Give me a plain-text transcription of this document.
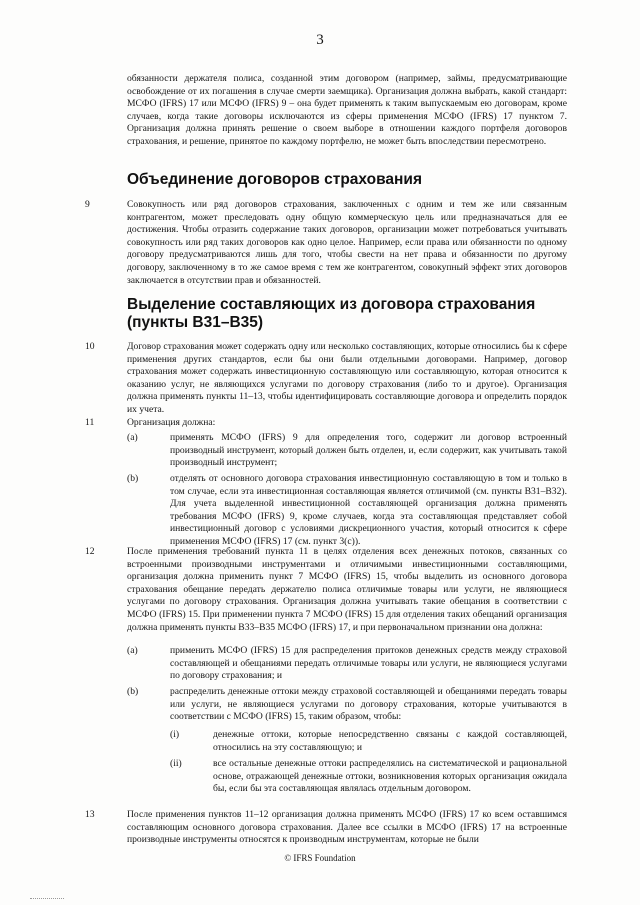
3
обязанности держателя полиса, созданной этим договором (например, займы, предусматривающие освобождение от их погашения в случае смерти заемщика). Организация должна выбрать, какой стандарт: МСФО (IFRS) 17 или МСФО (IFRS) 9 – она будет применять к таким выпускаемым ею договорам, кроме случаев, когда такие договоры исключаются из сферы применения МСФО (IFRS) 17 пунктом 7. Организация должна принять решение о своем выборе в отношении каждого портфеля договоров страхования, и решение, принятое по каждому портфелю, не может быть впоследствии пересмотрено.
Объединение договоров страхования
9	Совокупность или ряд договоров страхования, заключенных с одним и тем же или связанным контрагентом, может преследовать одну общую коммерческую цель или предназначаться для ее достижения. Чтобы отразить содержание таких договоров, организации может потребоваться учитывать совокупность или ряд таких договоров как одно целое. Например, если права или обязанности по одному договору предусматриваются лишь для того, чтобы свести на нет права и обязанности по другому договору, заключенному в то же самое время с тем же контрагентом, совокупный эффект этих договоров заключается в отсутствии прав и обязанностей.
Выделение составляющих из договора страхования
(пункты В31–В35)
10	Договор страхования может содержать одну или несколько составляющих, которые относились бы к сфере применения других стандартов, если бы они были отдельными договорами. Например, договор страхования может содержать инвестиционную составляющую или составляющую, которая относится к оказанию услуг, не являющихся услугами по договору страхования (либо то и другое). Организация должна применять пункты 11–13, чтобы идентифицировать составляющие договора и определить порядок их учета.
11	Организация должна:
(a)	применять МСФО (IFRS) 9 для определения того, содержит ли договор встроенный производный инструмент, который должен быть отделен, и, если содержит, как учитывать такой производный инструмент;
(b)	отделять от основного договора страхования инвестиционную составляющую в том и только в том случае, если эта инвестиционная составляющая является отличимой (см. пункты В31–В32). Для учета выделенной инвестиционной составляющей организация должна применять требования МСФО (IFRS) 9, кроме случаев, когда эта составляющая представляет собой инвестиционный договор с условиями дискреционного участия, который относится к сфере применения МСФО (IFRS) 17 (см. пункт 3(c)).
12	После применения требований пункта 11 в целях отделения всех денежных потоков, связанных со встроенными производными инструментами и отличимыми инвестиционными составляющими, организация должна применить пункт 7 МСФО (IFRS) 15, чтобы выделить из основного договора страхования обещание передать держателю полиса отличимые товары или услуги, не являющиеся услугами по договору страхования. Организация должна учитывать такие обещания в соответствии с МСФО (IFRS) 15. При применении пункта 7 МСФО (IFRS) 15 для отделения таких обещаний организация должна применять пункты В33–В35 МСФО (IFRS) 17, и при первоначальном признании она должна:
(a)	применить МСФО (IFRS) 15 для распределения притоков денежных средств между страховой составляющей и обещаниями передать отличимые товары или услуги, не являющиеся услугами по договору страхования; и
(b)	распределить денежные оттоки между страховой составляющей и обещаниями передать товары или услуги, не являющиеся услугами по договору страхования, которые учитываются в соответствии с МСФО (IFRS) 15, таким образом, чтобы:
(i)	денежные оттоки, которые непосредственно связаны с каждой составляющей, относились на эту составляющую; и
(ii)	все остальные денежные оттоки распределялись на систематической и рациональной основе, отражающей денежные оттоки, возникновения которых организация ожидала бы, если бы эта составляющая являлась отдельным договором.
13	После применения пунктов 11–12 организация должна применять МСФО (IFRS) 17 ко всем оставшимся составляющим основного договора страхования. Далее все ссылки в МСФО (IFRS) 17 на встроенные производные инструменты относятся к производным инструментам, которые не были
© IFRS Foundation
